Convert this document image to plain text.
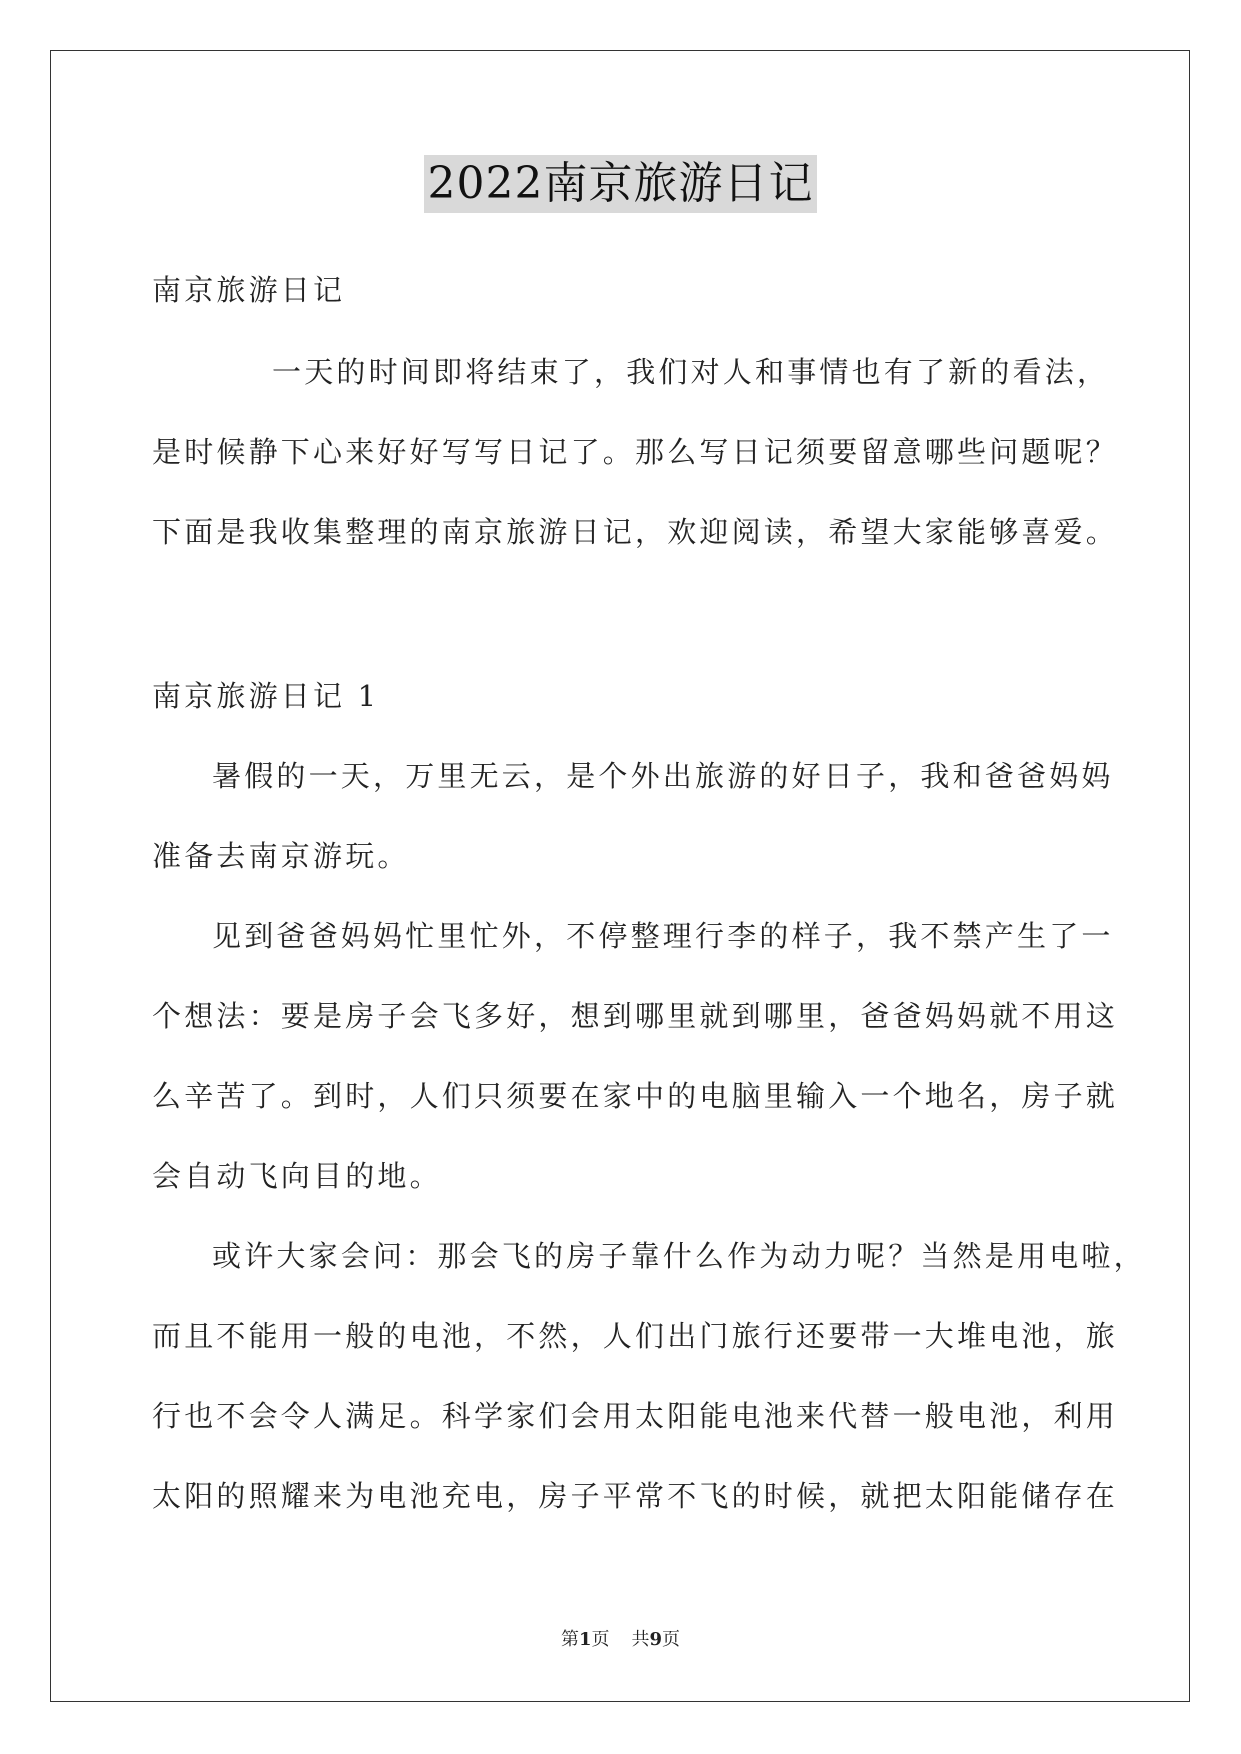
2022南京旅游日记
南京旅游日记
一天的时间即将结束了，我们对人和事情也有了新的看法，
是时候静下心来好好写写日记了。那么写日记须要留意哪些问题呢？
下面是我收集整理的南京旅游日记，欢迎阅读，希望大家能够喜爱。
南京旅游日记 1
暑假的一天，万里无云，是个外出旅游的好日子，我和爸爸妈妈
准备去南京游玩。
见到爸爸妈妈忙里忙外，不停整理行李的样子，我不禁产生了一
个想法：要是房子会飞多好，想到哪里就到哪里，爸爸妈妈就不用这
么辛苦了。到时，人们只须要在家中的电脑里输入一个地名，房子就
会自动飞向目的地。
或许大家会问：那会飞的房子靠什么作为动力呢？当然是用电啦，
而且不能用一般的电池，不然，人们出门旅行还要带一大堆电池，旅
行也不会令人满足。科学家们会用太阳能电池来代替一般电池，利用
太阳的照耀来为电池充电，房子平常不飞的时候，就把太阳能储存在
第1页 共9页
